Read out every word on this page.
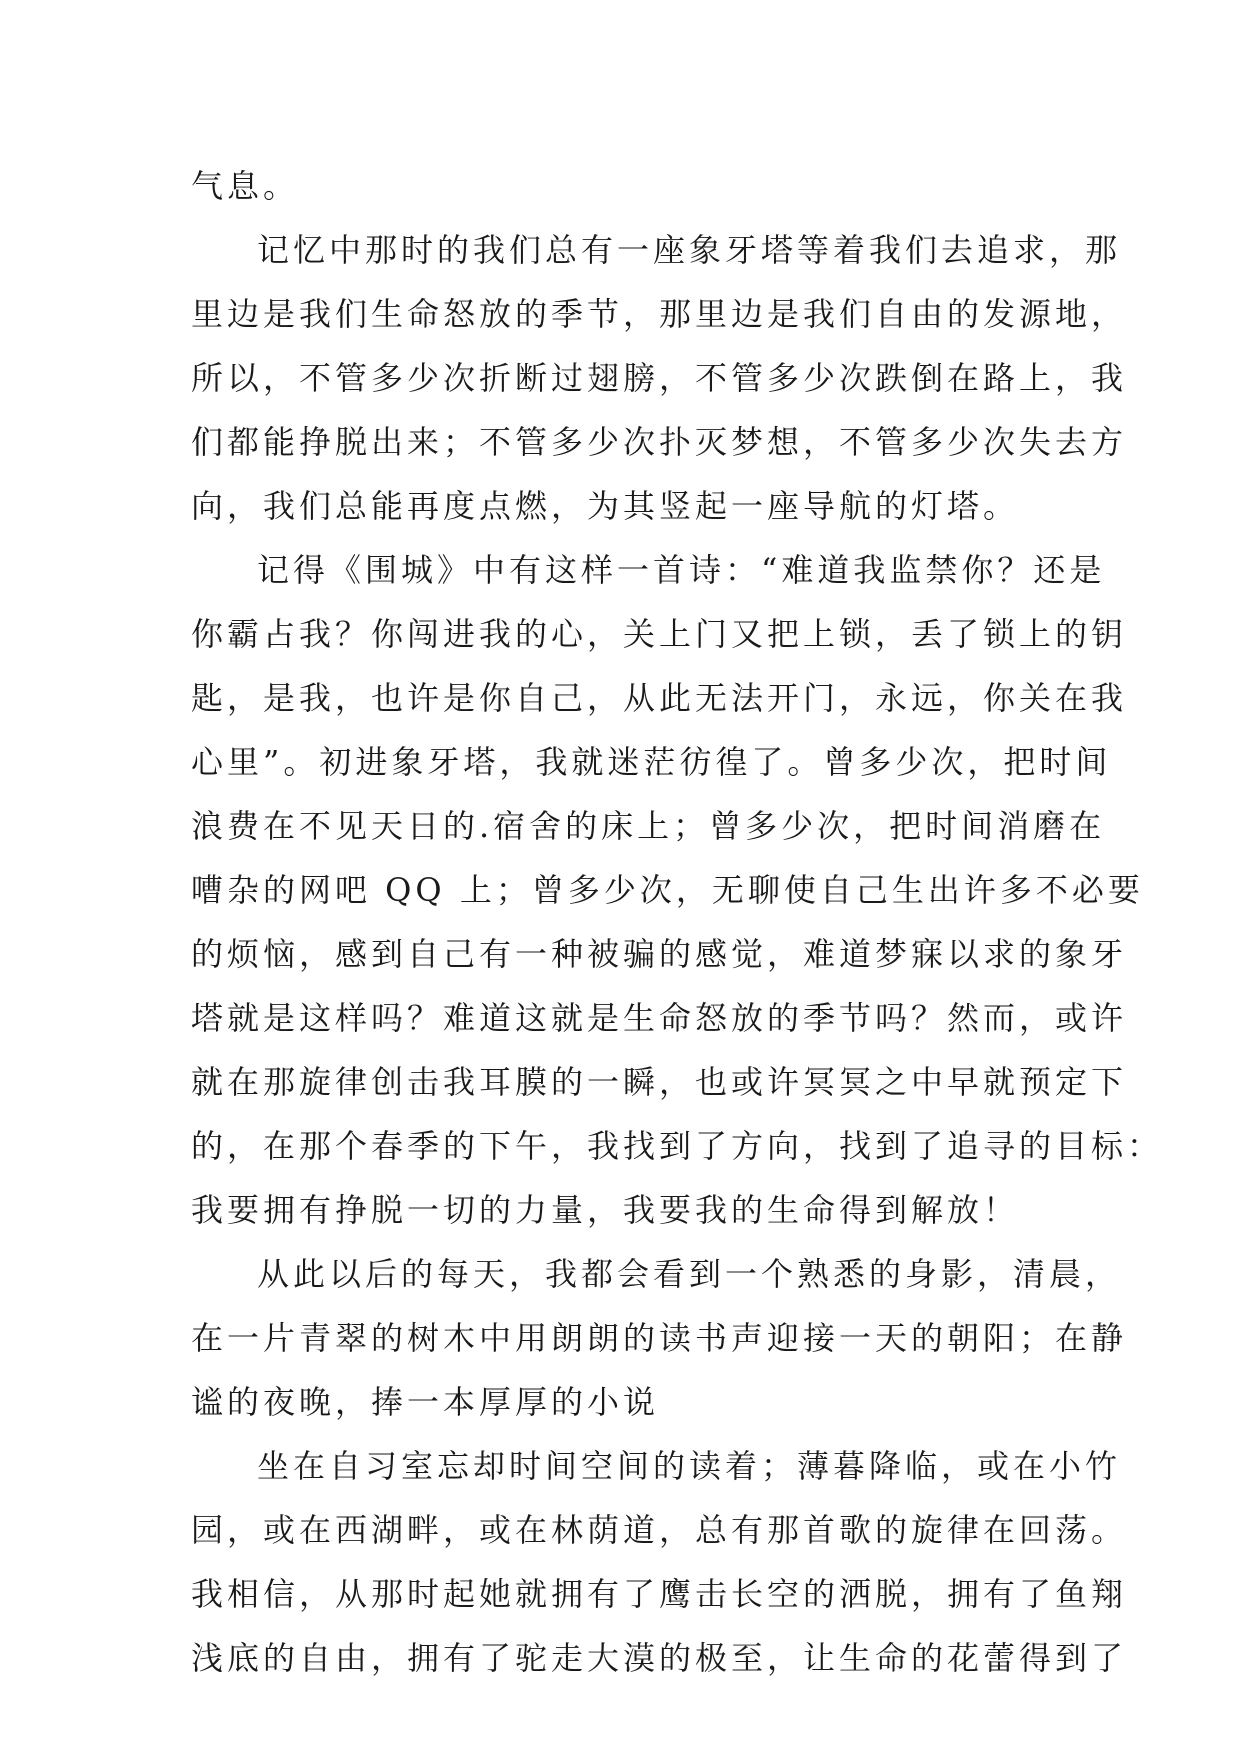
气息。
记忆中那时的我们总有一座象牙塔等着我们去追求，那
里边是我们生命怒放的季节，那里边是我们自由的发源地，
所以，不管多少次折断过翅膀，不管多少次跌倒在路上，我
们都能挣脱出来；不管多少次扑灭梦想，不管多少次失去方
向，我们总能再度点燃，为其竖起一座导航的灯塔。
记得《围城》中有这样一首诗：“难道我监禁你？还是
你霸占我？你闯进我的心，关上门又把上锁，丢了锁上的钥
匙，是我，也许是你自己，从此无法开门，永远，你关在我
心里”。初进象牙塔，我就迷茫彷徨了。曾多少次，把时间
浪费在不见天日的.宿舍的床上；曾多少次，把时间消磨在
嘈杂的网吧 QQ 上；曾多少次，无聊使自己生出许多不必要
的烦恼，感到自己有一种被骗的感觉，难道梦寐以求的象牙
塔就是这样吗？难道这就是生命怒放的季节吗？然而，或许
就在那旋律创击我耳膜的一瞬，也或许冥冥之中早就预定下
的，在那个春季的下午，我找到了方向，找到了追寻的目标：
我要拥有挣脱一切的力量，我要我的生命得到解放！
从此以后的每天，我都会看到一个熟悉的身影，清晨，
在一片青翠的树木中用朗朗的读书声迎接一天的朝阳；在静
谧的夜晚，捧一本厚厚的小说
坐在自习室忘却时间空间的读着；薄暮降临，或在小竹
园，或在西湖畔，或在林荫道，总有那首歌的旋律在回荡。
我相信，从那时起她就拥有了鹰击长空的洒脱，拥有了鱼翔
浅底的自由，拥有了驼走大漠的极至，让生命的花蕾得到了
